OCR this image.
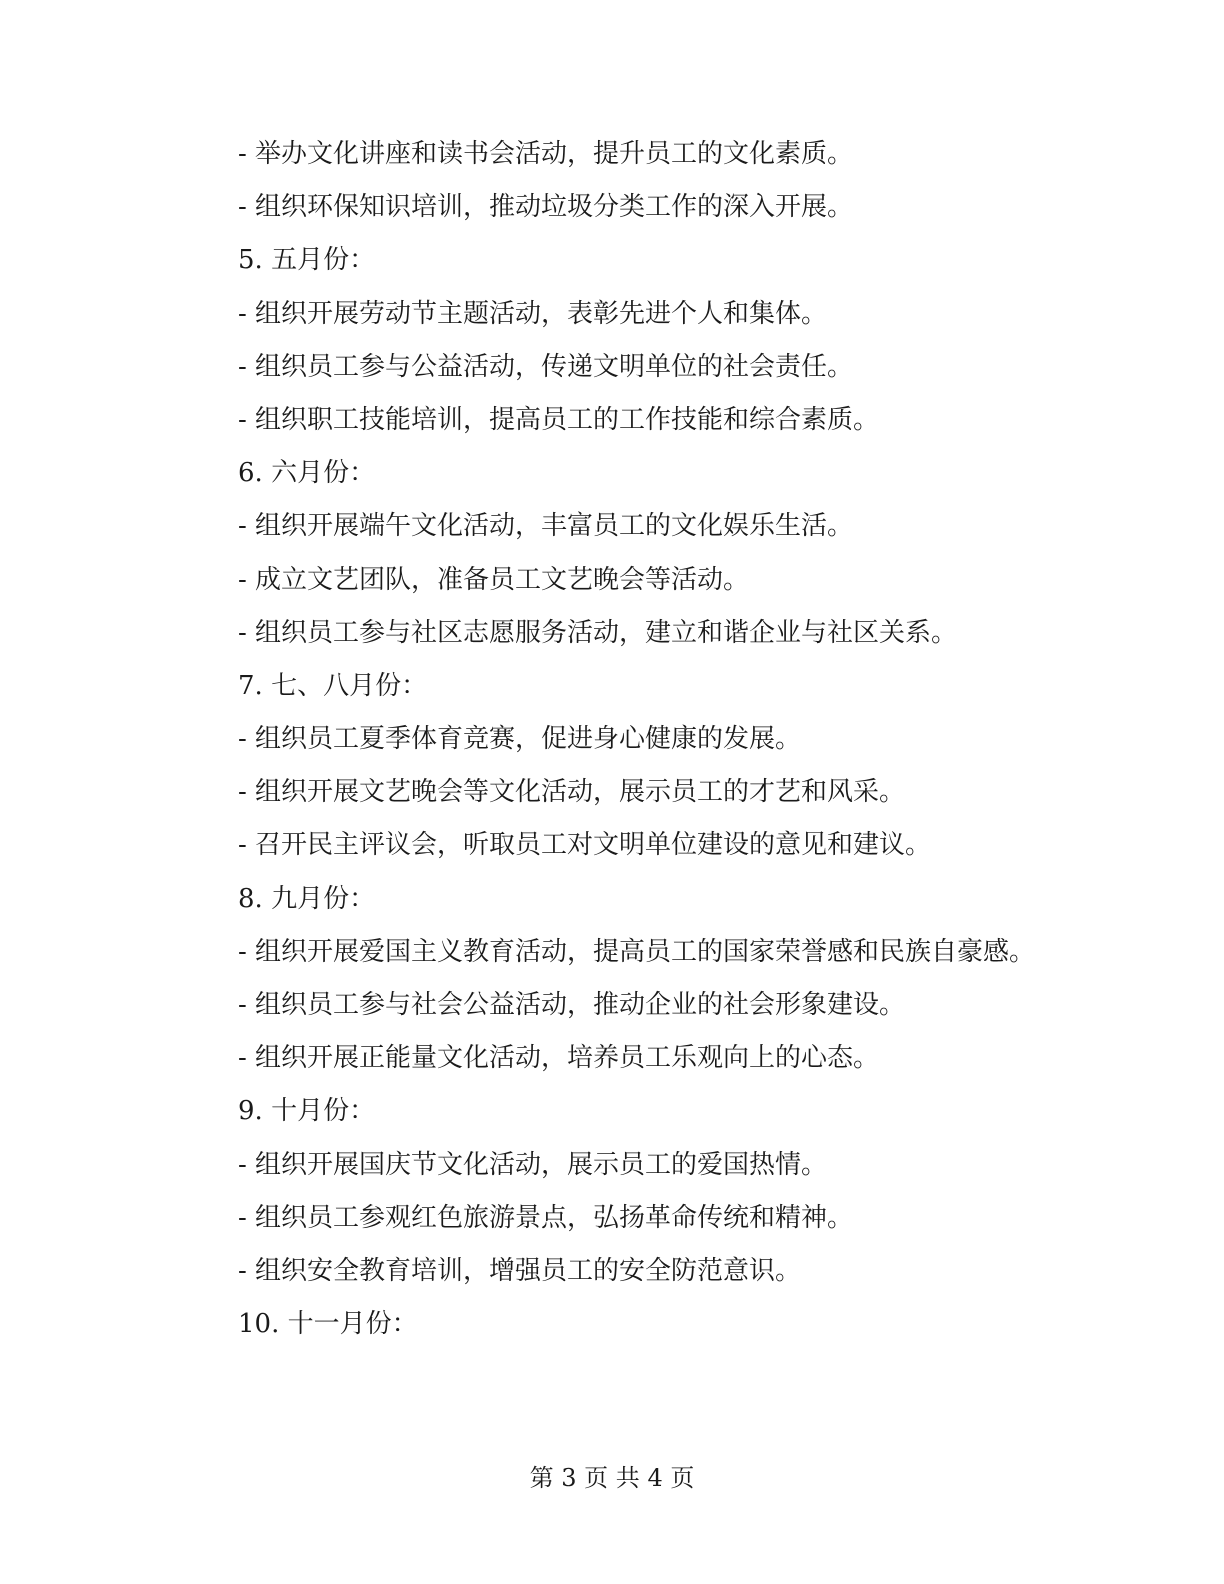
- 举办文化讲座和读书会活动，提升员工的文化素质。
- 组织环保知识培训，推动垃圾分类工作的深入开展。
5. 五月份：
- 组织开展劳动节主题活动，表彰先进个人和集体。
- 组织员工参与公益活动，传递文明单位的社会责任。
- 组织职工技能培训，提高员工的工作技能和综合素质。
6. 六月份：
- 组织开展端午文化活动，丰富员工的文化娱乐生活。
- 成立文艺团队，准备员工文艺晚会等活动。
- 组织员工参与社区志愿服务活动，建立和谐企业与社区关系。
7. 七、八月份：
- 组织员工夏季体育竞赛，促进身心健康的发展。
- 组织开展文艺晚会等文化活动，展示员工的才艺和风采。
- 召开民主评议会，听取员工对文明单位建设的意见和建议。
8. 九月份：
- 组织开展爱国主义教育活动，提高员工的国家荣誉感和民族自豪感。
- 组织员工参与社会公益活动，推动企业的社会形象建设。
- 组织开展正能量文化活动，培养员工乐观向上的心态。
9. 十月份：
- 组织开展国庆节文化活动，展示员工的爱国热情。
- 组织员工参观红色旅游景点，弘扬革命传统和精神。
- 组织安全教育培训，增强员工的安全防范意识。
10. 十一月份：
第 3 页 共 4 页
